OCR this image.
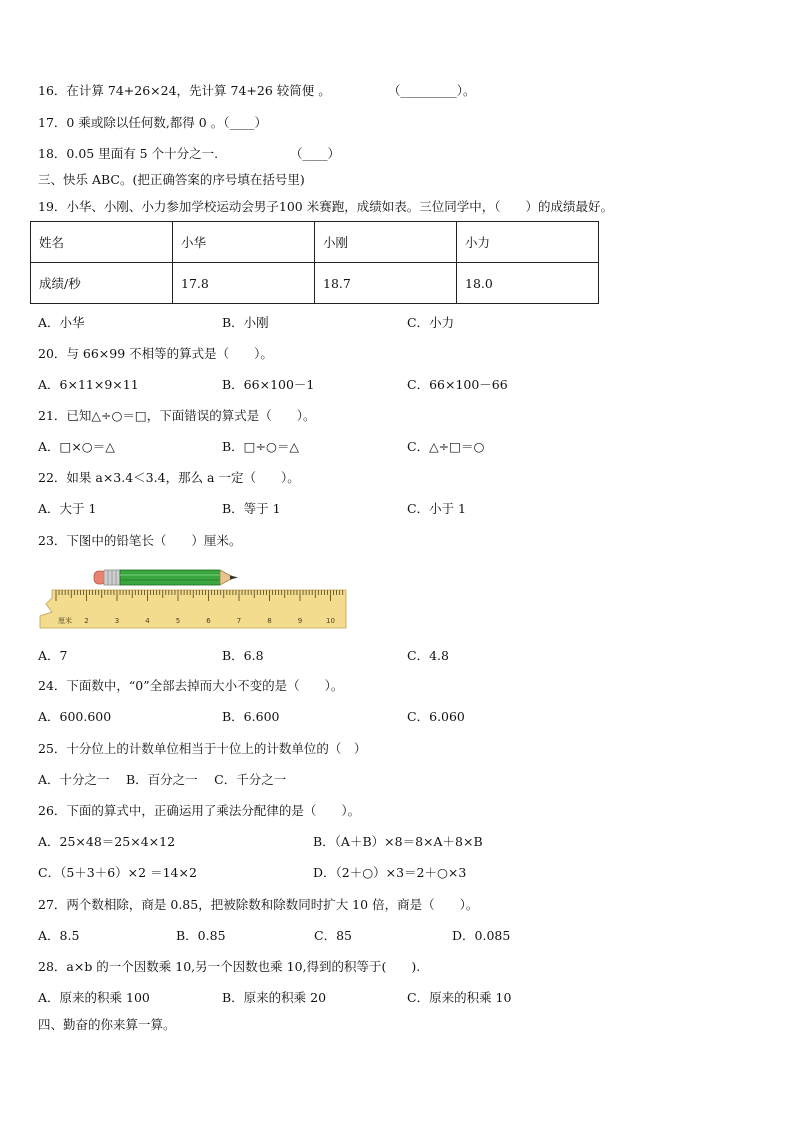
16．在计算 74+26×24，先计算 74+26 较简便 。	（_________）。
17．0 乘或除以任何数,都得 0 。（____）
18．0.05 里面有 5 个十分之一.	（____）
三、快乐 ABC。(把正确答案的序号填在括号里)
19．小华、小刚、小力参加学校运动会男子100 米赛跑，成绩如表。三位同学中，（　　）的成绩最好。
姓名	小华	小刚	小力
成绩/秒	17.8	18.7	18.0
A．小华	B．小刚	C．小力
20．与 66×99 不相等的算式是（　　）。
A．6×11×9×11	B．66×100－1	C．66×100－66
21．已知△÷○＝□，下面错误的算式是（　　）。
A．□×○＝△	B．□÷○＝△	C．△÷□＝○
22．如果 a×3.4＜3.4，那么 a 一定（　　）。
A．大于 1	B．等于 1	C．小于 1
23．下图中的铅笔长（　　）厘米。
厘米 2	3	4	5	6	7	8	9	10
A．7	B．6.8	C．4.8
24．下面数中，“0”全部去掉而大小不变的是（　　）。
A．600.600	B．6.600	C．6.060
25．十分位上的计数单位相当于十位上的计数单位的（　）
A．十分之一　 B．百分之一　 C．千分之一
26．下面的算式中，正确运用了乘法分配律的是（　　）。
A．25×48＝25×4×12	B．（A＋B）×8＝8×A＋8×B
C．（5＋3＋6）×2 ＝14×2	D．（2＋○）×3＝2＋○×3
27．两个数相除，商是 0.85，把被除数和除数同时扩大 10 倍，商是（　　）。
A．8.5	B．0.85	C．85	D．0.085
28．a×b 的一个因数乘 10,另一个因数也乘 10,得到的积等于(　　).
A．原来的积乘 100	B．原来的积乘 20	C．原来的积乘 10
四、勤奋的你来算一算。
